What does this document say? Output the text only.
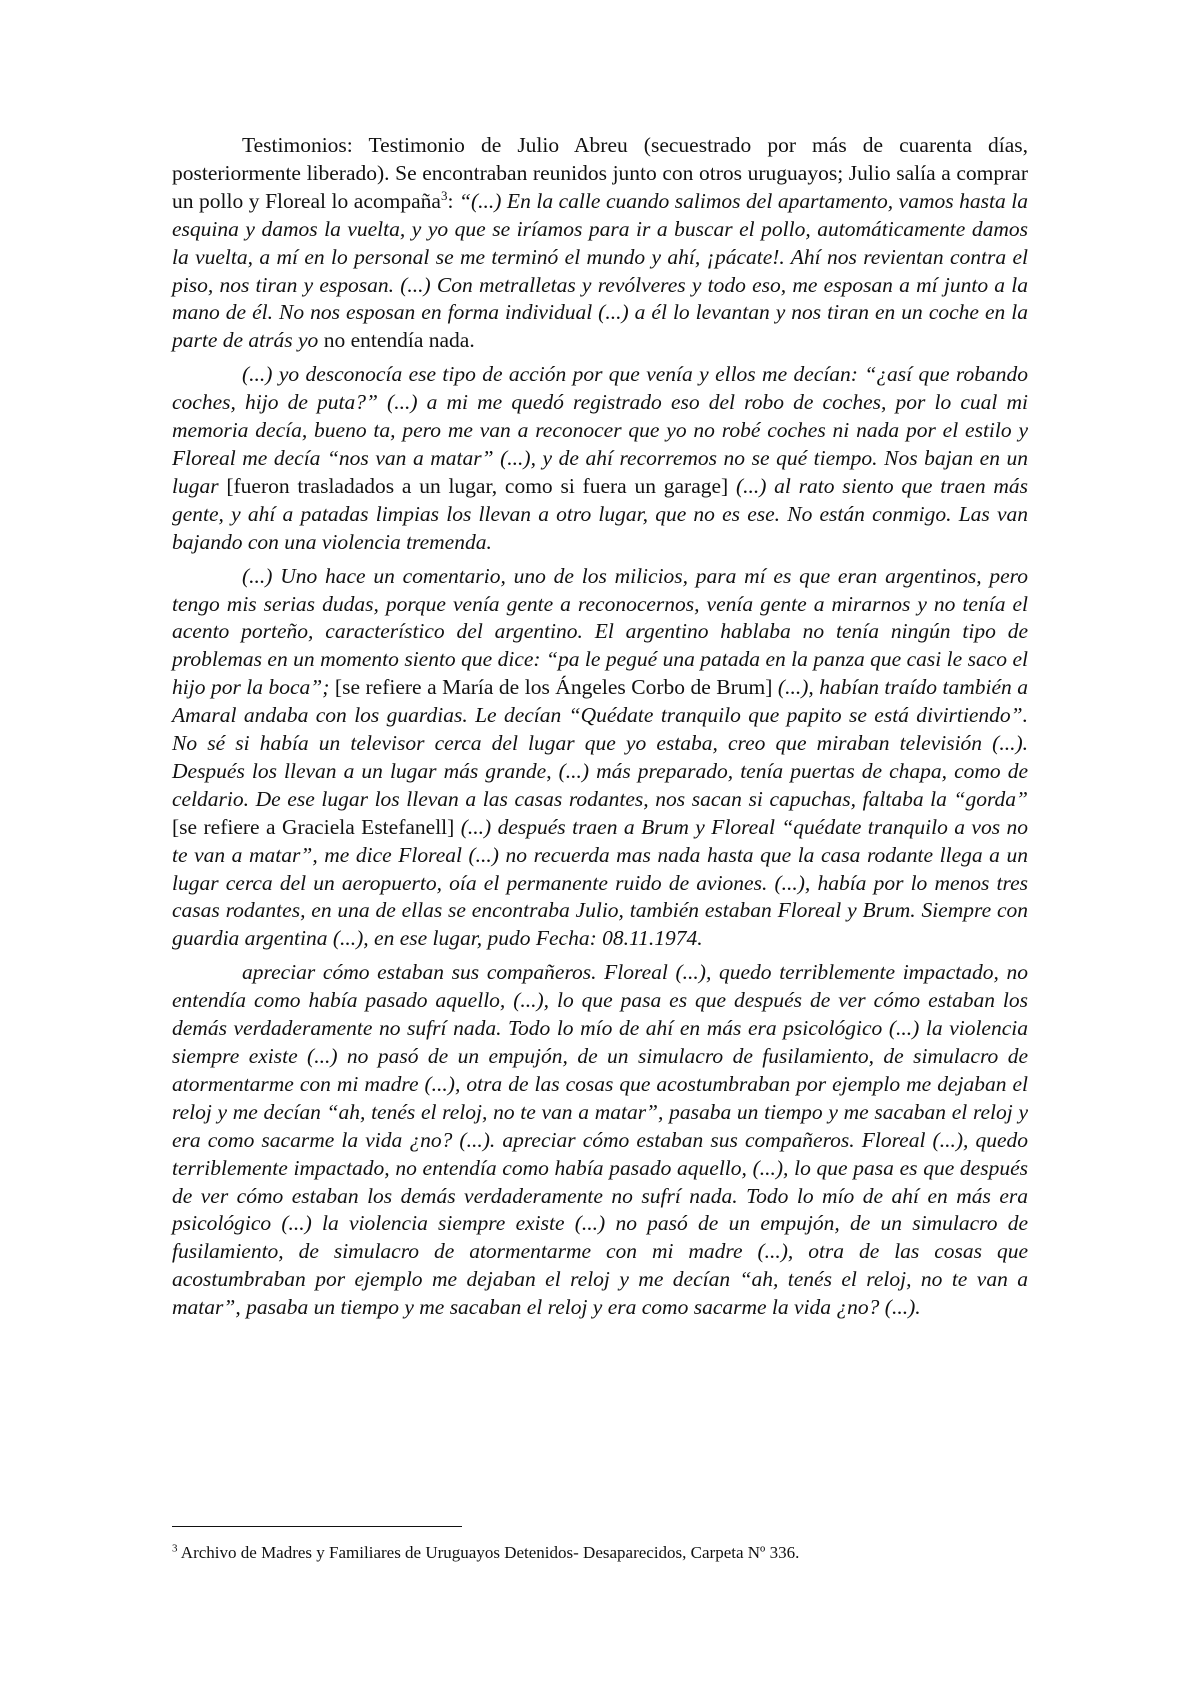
Testimonios: Testimonio de Julio Abreu (secuestrado por más de cuarenta días, posteriormente liberado). Se encontraban reunidos junto con otros uruguayos; Julio salía a comprar un pollo y Floreal lo acompaña$^3$: “(...) En la calle cuando salimos del apartamento, vamos hasta la esquina y damos la vuelta, y yo que se iríamos para ir a buscar el pollo, automáticamente damos la vuelta, a mí en lo personal se me terminó el mundo y ahí, ¡pácate!. Ahí nos revientan contra el piso, nos tiran y esposan. (...) Con metralletas y revólveres y todo eso, me esposan a mí junto a la mano de él. No nos esposan en forma individual (...) a él lo levantan y nos tiran en un coche en la parte de atrás yo no entendía nada.

(...) yo desconocía ese tipo de acción por que venía y ellos me decían: “¿así que robando coches, hijo de puta?” (...) a mi me quedó registrado eso del robo de coches, por lo cual mi memoria decía, bueno ta, pero me van a reconocer que yo no robé coches ni nada por el estilo y Floreal me decía “nos van a matar” (...), y de ahí recorremos no se qué tiempo. Nos bajan en un lugar [fueron trasladados a un lugar, como si fuera un garage] (...) al rato siento que traen más gente, y ahí a patadas limpias los llevan a otro lugar, que no es ese. No están conmigo. Las van bajando con una violencia tremenda.

(...) Uno hace un comentario, uno de los milicios, para mí es que eran argentinos, pero tengo mis serias dudas, porque venía gente a reconocernos, venía gente a mirarnos y no tenía el acento porteño, característico del argentino. El argentino hablaba no tenía ningún tipo de problemas en un momento siento que dice: “pa le pegué una patada en la panza que casi le saco el hijo por la boca”; [se refiere a María de los Ángeles Corbo de Brum] (...), habían traído también a Amaral andaba con los guardias. Le decían “Quédate tranquilo que papito se está divirtiendo”. No sé si había un televisor cerca del lugar que yo estaba, creo que miraban televisión (...). Después los llevan a un lugar más grande, (...) más preparado, tenía puertas de chapa, como de celdario. De ese lugar los llevan a las casas rodantes, nos sacan si capuchas, faltaba la “gorda” [se refiere a Graciela Estefanell] (...) después traen a Brum y Floreal “quédate tranquilo a vos no te van a matar”, me dice Floreal (...) no recuerda mas nada hasta que la casa rodante llega a un lugar cerca del un aeropuerto, oía el permanente ruido de aviones. (...), había por lo menos tres casas rodantes, en una de ellas se encontraba Julio, también estaban Floreal y Brum. Siempre con guardia argentina (...), en ese lugar, pudo Fecha: 08.11.1974.

apreciar cómo estaban sus compañeros. Floreal (...), quedo terriblemente impactado, no entendía como había pasado aquello, (...), lo que pasa es que después de ver cómo estaban los demás verdaderamente no sufrí nada. Todo lo mío de ahí en más era psicológico (...) la violencia siempre existe (...) no pasó de un empujón, de un simulacro de fusilamiento, de simulacro de atormentarme con mi madre (...), otra de las cosas que acostumbraban por ejemplo me dejaban el reloj y me decían “ah, tenés el reloj, no te van a matar”, pasaba un tiempo y me sacaban el reloj y era como sacarme la vida ¿no? (...). apreciar cómo estaban sus compañeros. Floreal (...), quedo terriblemente impactado, no entendía como había pasado aquello, (...), lo que pasa es que después de ver cómo estaban los demás verdaderamente no sufrí nada. Todo lo mío de ahí en más era psicológico (...) la violencia siempre existe (...) no pasó de un empujón, de un simulacro de fusilamiento, de simulacro de atormentarme con mi madre (...), otra de las cosas que acostumbraban por ejemplo me dejaban el reloj y me decían “ah, tenés el reloj, no te van a matar”, pasaba un tiempo y me sacaban el reloj y era como sacarme la vida ¿no? (...).

$^3$ Archivo de Madres y Familiares de Uruguayos Detenidos- Desaparecidos, Carpeta Nº 336.
